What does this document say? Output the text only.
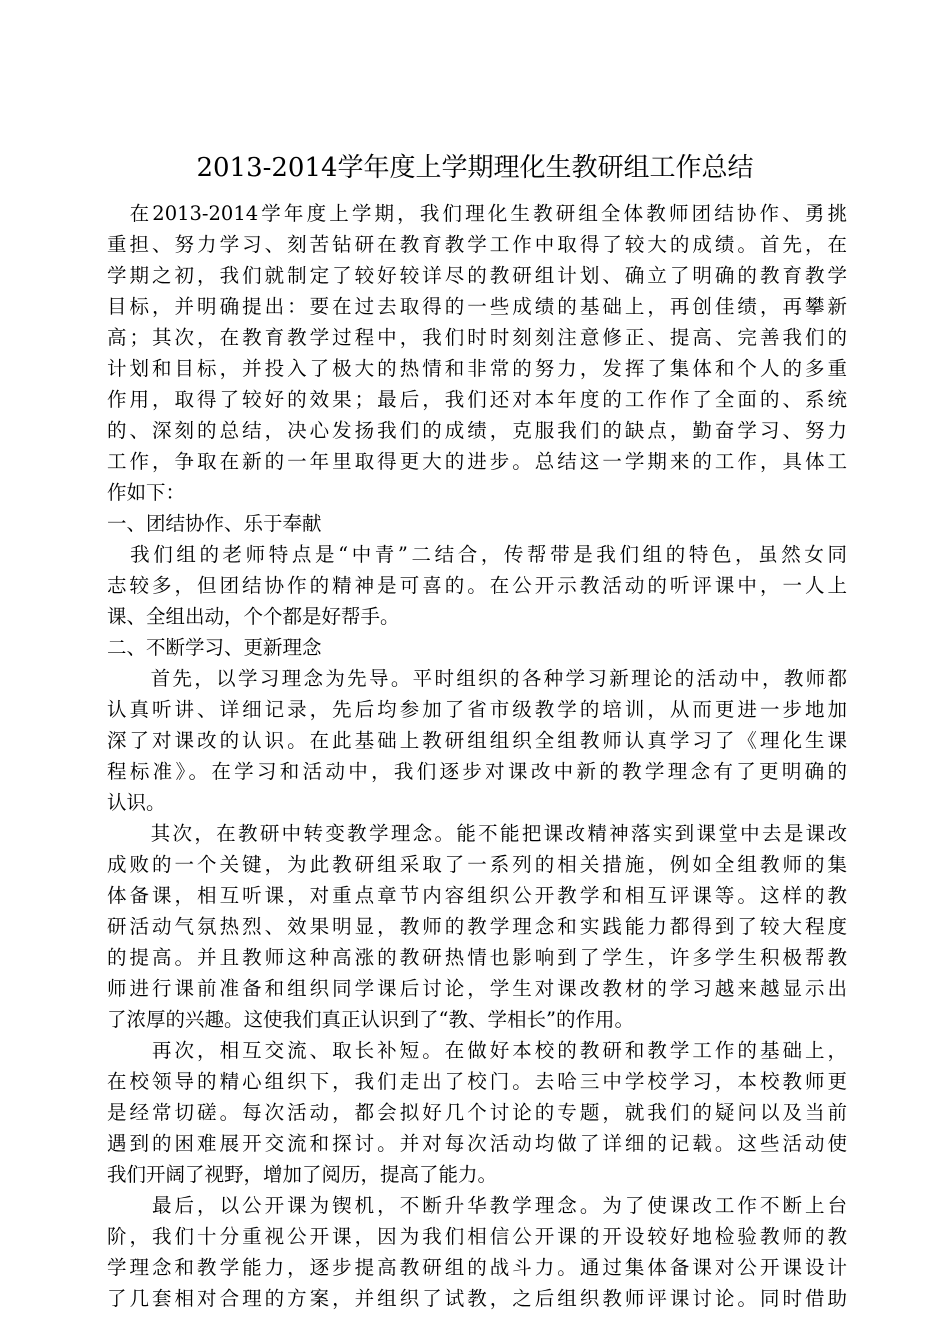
2013-2014学年度上学期理化生教研组工作总结
　在2013-2014学年度上学期，我们理化生教研组全体教师团结协作、勇挑
重担、努力学习、刻苦钻研在教育教学工作中取得了较大的成绩。首先，在
学期之初，我们就制定了较好较详尽的教研组计划、确立了明确的教育教学
目标，并明确提出：要在过去取得的一些成绩的基础上，再创佳绩，再攀新
高；其次，在教育教学过程中，我们时时刻刻注意修正、提高、完善我们的
计划和目标，并投入了极大的热情和非常的努力，发挥了集体和个人的多重
作用，取得了较好的效果；最后，我们还对本年度的工作作了全面的、系统
的、深刻的总结，决心发扬我们的成绩，克服我们的缺点，勤奋学习、努力
工作，争取在新的一年里取得更大的进步。总结这一学期来的工作，具体工
作如下：
一、团结协作、乐于奉献
　我们组的老师特点是“中青”二结合，传帮带是我们组的特色，虽然女同
志较多，但团结协作的精神是可喜的。在公开示教活动的听评课中，一人上
课、全组出动，个个都是好帮手。
二、不断学习、更新理念
　　首先，以学习理念为先导。平时组织的各种学习新理论的活动中，教师都
认真听讲、详细记录，先后均参加了省市级教学的培训，从而更进一步地加
深了对课改的认识。在此基础上教研组组织全组教师认真学习了《理化生课
程标准》。在学习和活动中，我们逐步对课改中新的教学理念有了更明确的
认识。
　　其次，在教研中转变教学理念。能不能把课改精神落实到课堂中去是课改
成败的一个关键，为此教研组采取了一系列的相关措施，例如全组教师的集
体备课，相互听课，对重点章节内容组织公开教学和相互评课等。这样的教
研活动气氛热烈、效果明显，教师的教学理念和实践能力都得到了较大程度
的提高。并且教师这种高涨的教研热情也影响到了学生，许多学生积极帮教
师进行课前准备和组织同学课后讨论，学生对课改教材的学习越来越显示出
了浓厚的兴趣。这使我们真正认识到了“教、学相长”的作用。
　　再次，相互交流、取长补短。在做好本校的教研和教学工作的基础上，
在校领导的精心组织下，我们走出了校门。去哈三中学校学习，本校教师更
是经常切磋。每次活动，都会拟好几个讨论的专题，就我们的疑问以及当前
遇到的困难展开交流和探讨。并对每次活动均做了详细的记载。这些活动使
我们开阔了视野，增加了阅历，提高了能力。
　　最后，以公开课为锲机，不断升华教学理念。为了使课改工作不断上台
阶，我们十分重视公开课，因为我们相信公开课的开设较好地检验教师的教
学理念和教学能力，逐步提高教研组的战斗力。通过集体备课对公开课设计
了几套相对合理的方案，并组织了试教，之后组织教师评课讨论。同时借助
